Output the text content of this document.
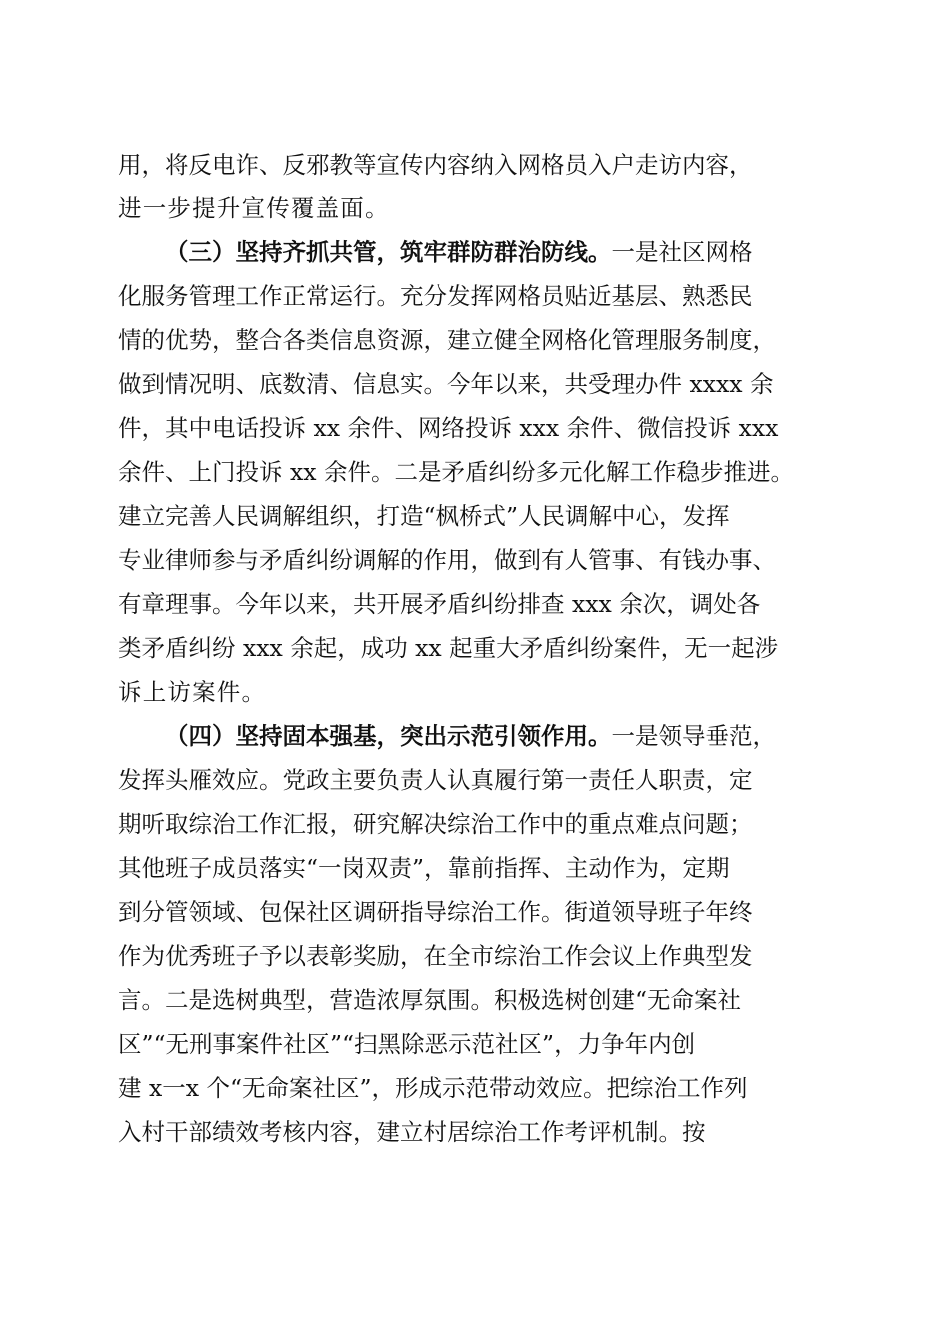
用，将反电诈、反邪教等宣传内容纳入网格员入户走访内容，
进一步提升宣传覆盖面。
（三）坚持齐抓共管，筑牢群防群治防线。一是社区网格
化服务管理工作正常运行。充分发挥网格员贴近基层、熟悉民
情的优势，整合各类信息资源，建立健全网格化管理服务制度，
做到情况明、底数清、信息实。今年以来，共受理办件 xxxx 余
件，其中电话投诉 xx 余件、网络投诉 xxx 余件、微信投诉 xxx
余件、上门投诉 xx 余件。二是矛盾纠纷多元化解工作稳步推进。
建立完善人民调解组织，打造“枫桥式”人民调解中心，发挥
专业律师参与矛盾纠纷调解的作用，做到有人管事、有钱办事、
有章理事。今年以来，共开展矛盾纠纷排查 xxx 余次，调处各
类矛盾纠纷 xxx 余起，成功 xx 起重大矛盾纠纷案件，无一起涉
诉上访案件。
（四）坚持固本强基，突出示范引领作用。一是领导垂范，
发挥头雁效应。党政主要负责人认真履行第一责任人职责，定
期听取综治工作汇报，研究解决综治工作中的重点难点问题；
其他班子成员落实“一岗双责”，靠前指挥、主动作为，定期
到分管领域、包保社区调研指导综治工作。街道领导班子年终
作为优秀班子予以表彰奖励，在全市综治工作会议上作典型发
言。二是选树典型，营造浓厚氛围。积极选树创建“无命案社
区”“无刑事案件社区”“扫黑除恶示范社区”，力争年内创
建 x一x 个“无命案社区”，形成示范带动效应。把综治工作列
入村干部绩效考核内容，建立村居综治工作考评机制。按
